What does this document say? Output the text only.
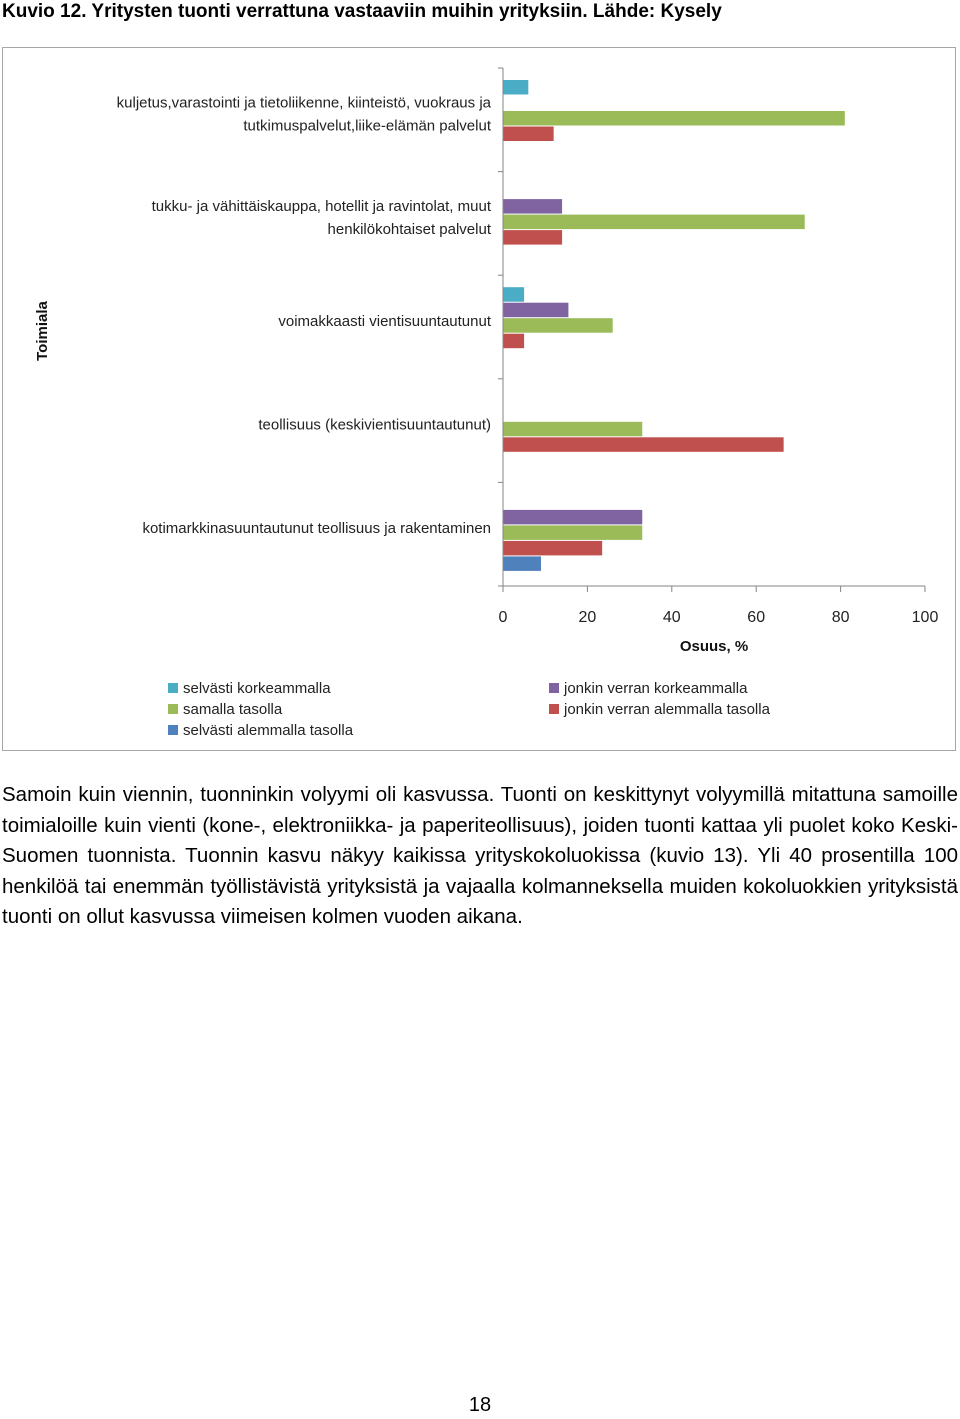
Kuvio 12. Yritysten tuonti verrattuna vastaaviin muihin yrityksiin. Lähde: Kysely
kuljetus,varastointi ja tietoliikenne, kiinteistö, vuokraus ja
tutkimuspalvelut,liike-elämän palvelut
tukku- ja vähittäiskauppa, hotellit ja ravintolat, muut
henkilökohtaiset palvelut
voimakkaasti vientisuuntautunut
teollisuus (keskivientisuuntautunut)
kotimarkkinasuuntautunut teollisuus ja rakentaminen
0	20	40	60	80	100
Osuus, %
Toimiala
selvästi korkeammalla	jonkin verran korkeammalla
samalla tasolla	jonkin verran alemmalla tasolla
selvästi alemmalla tasolla

Samoin kuin viennin, tuonninkin volyymi oli kasvussa. Tuonti on keskittynyt volyymillä mitattuna samoille toimialoille kuin vienti (kone-, elektroniikka- ja paperiteollisuus), joiden tuonti kattaa yli puolet koko Keski-Suomen tuonnista. Tuonnin kasvu näkyy kaikissa yrityskokoluokissa (kuvio 13). Yli 40 prosentilla 100 henkilöä tai enemmän työllistävistä yrityksistä ja vajaalla kolmanneksella muiden kokoluokkien yrityksistä tuonti on ollut kasvussa viimeisen kolmen vuoden aikana.

18
